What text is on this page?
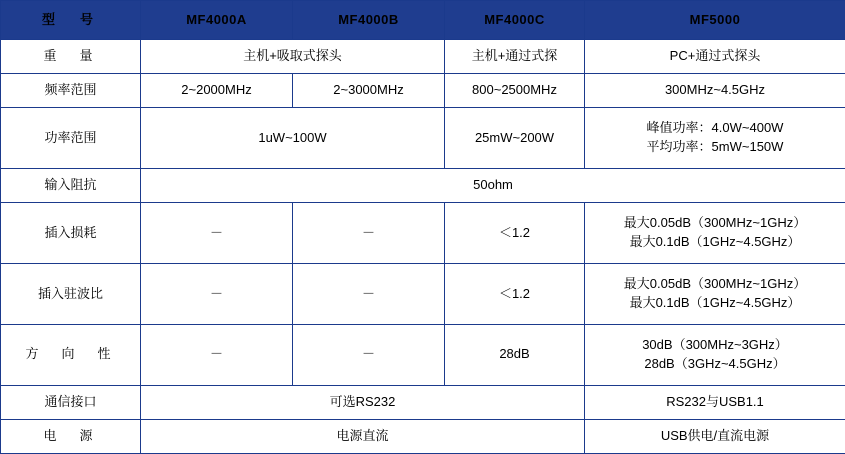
型　号	MF4000A	MF4000B	MF4000C	MF5000
重　量	主机+吸取式探头		主机+通过式探	PC+通过式探头
频率范围	2~2000MHz	2~3000MHz	800~2500MHz	300MHz~4.5GHz
功率范围	1uW~100W		25mW~200W	峰值功率：4.0W~400W
平均功率：5mW~150W

输入阻抗	50ohm			
插入损耗	－	－	＜1.2	最大0.05dB（300MHz~1GHz）
最大0.1dB（1GHz~4.5GHz）

插入驻波比	－	－	＜1.2	最大0.05dB（300MHz~1GHz）
最大0.1dB（1GHz~4.5GHz）

方　向　性	－	－	28dB	30dB（300MHz~3GHz）
28dB（3GHz~4.5GHz）

通信接口	可选RS232			RS232与USB1.1
电　源	电源直流			USB供电/直流电源
